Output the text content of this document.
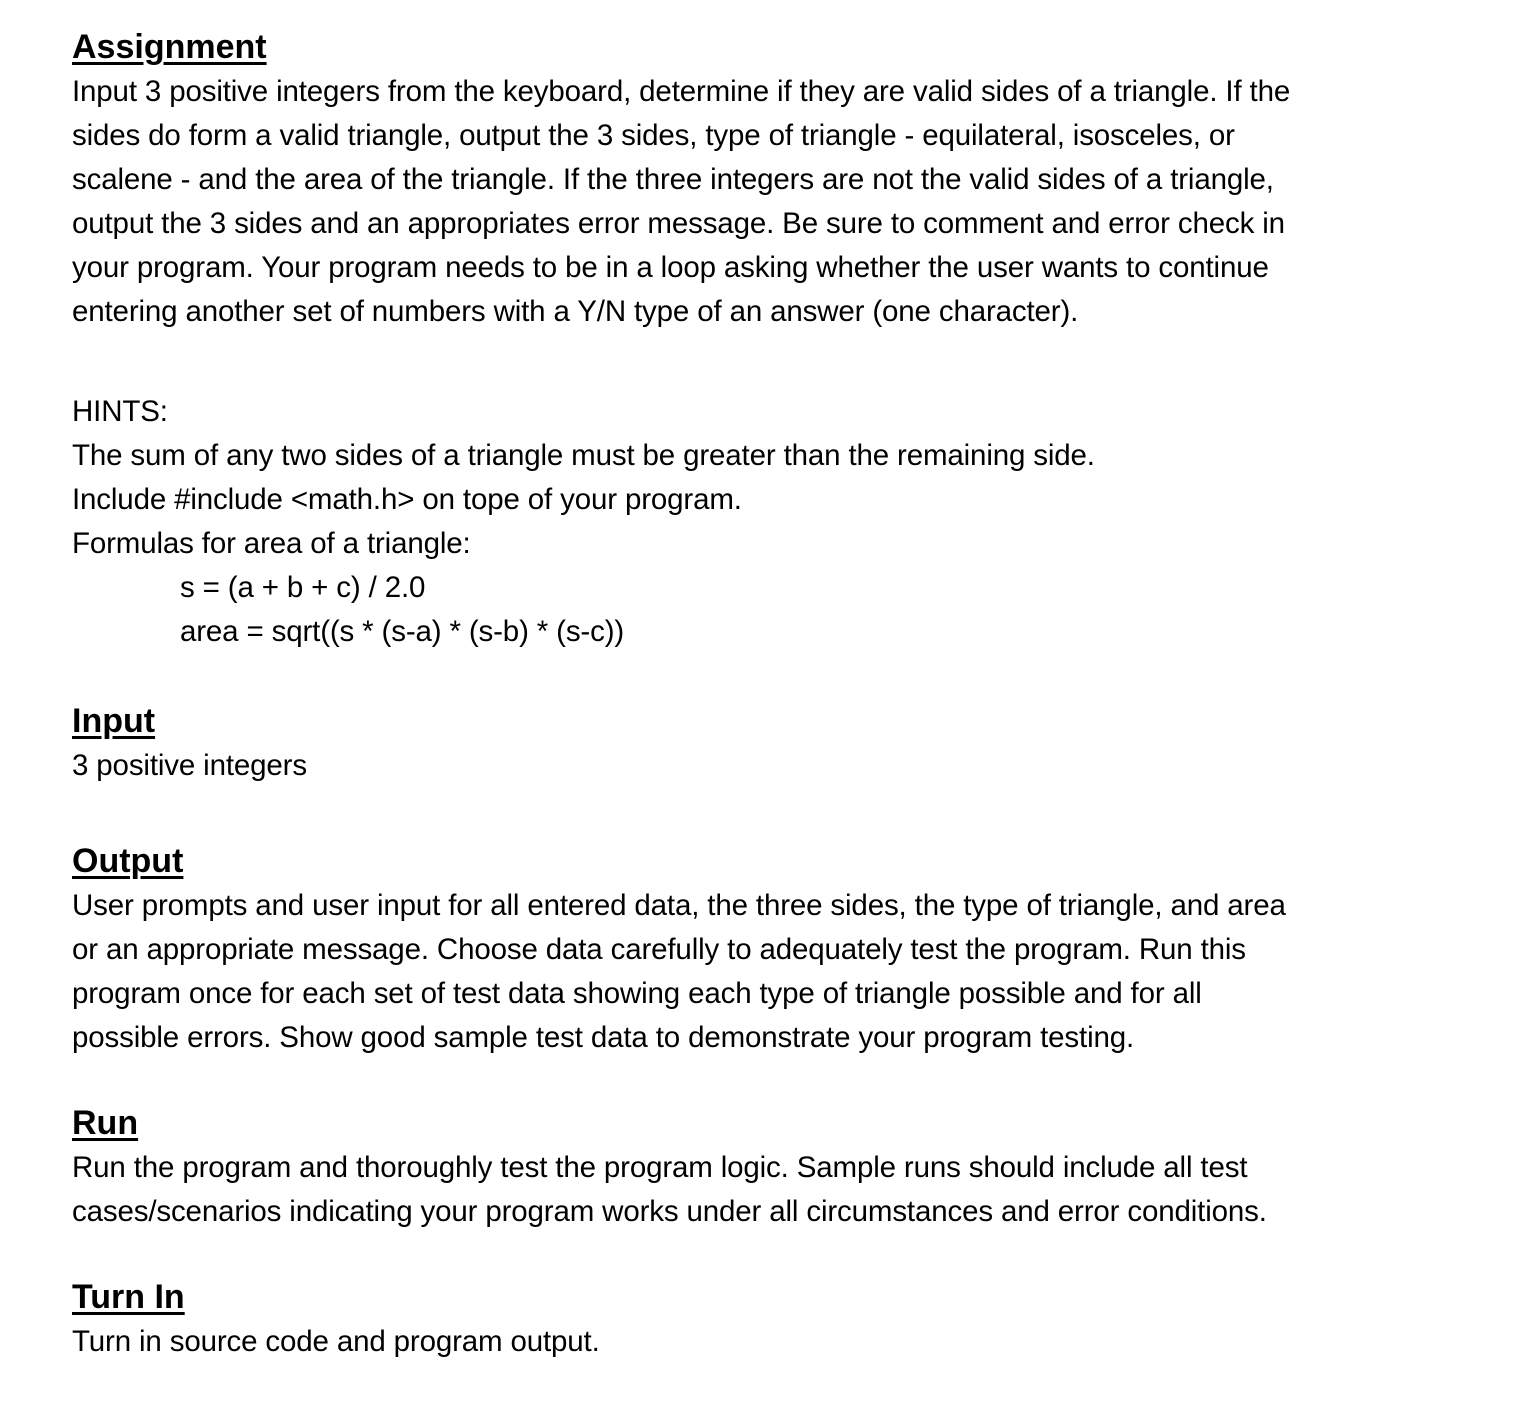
Assignment

Input 3 positive integers from the keyboard, determine if they are valid sides of a triangle. If the
sides do form a valid triangle, output the 3 sides, type of triangle - equilateral, isosceles, or
scalene - and the area of the triangle. If the three integers are not the valid sides of a triangle,
output the 3 sides and an appropriates error message. Be sure to comment and error check in
your program. Your program needs to be in a loop asking whether the user wants to continue
entering another set of numbers with a Y/N type of an answer (one character).

HINTS:
The sum of any two sides of a triangle must be greater than the remaining side.
Include #include <math.h> on tope of your program.
Formulas for area of a triangle:
s = (a + b + c) / 2.0
area = sqrt((s * (s-a) * (s-b) * (s-c))

Input

3 positive integers

Output

User prompts and user input for all entered data, the three sides, the type of triangle, and area
or an appropriate message. Choose data carefully to adequately test the program. Run this
program once for each set of test data showing each type of triangle possible and for all
possible errors. Show good sample test data to demonstrate your program testing.

Run

Run the program and thoroughly test the program logic. Sample runs should include all test
cases/scenarios indicating your program works under all circumstances and error conditions.

Turn In

Turn in source code and program output.
